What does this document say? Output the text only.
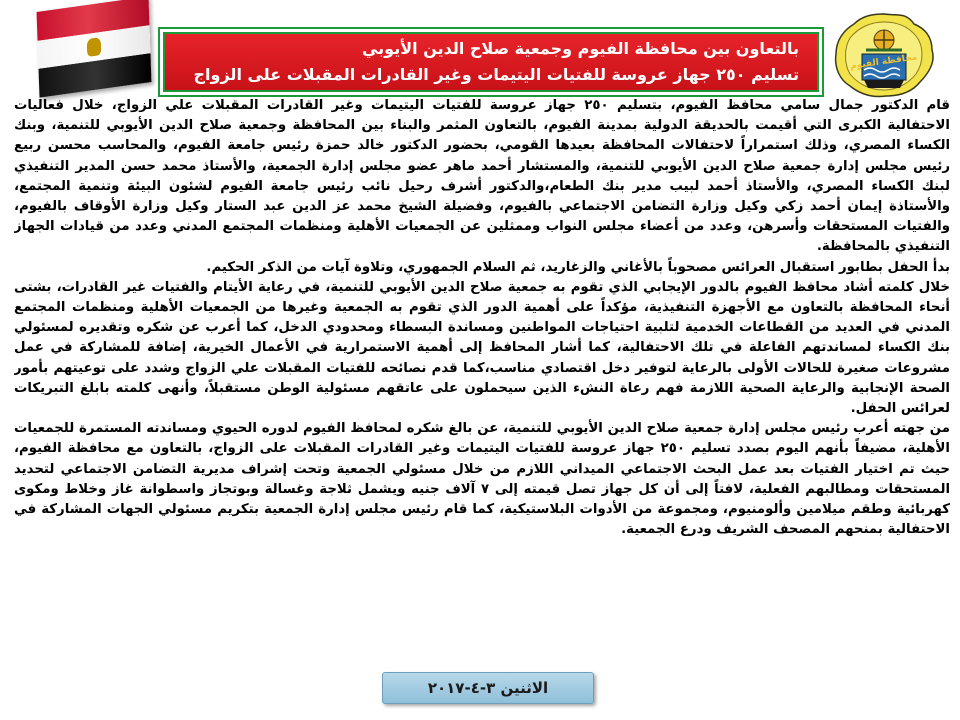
محافظة الفيوم
بالتعاون بين محافظة الفيوم وجمعية صلاح الدين الأيوبي
تسليم ٢٥٠ جهاز عروسة للفتيات اليتيمات وغير القادرات المقبلات على الزواج

قام الدكتور جمال سامي محافظ الفيوم، بتسليم ٢٥٠ جهاز عروسة للفتيات اليتيمات وغير القادرات المقبلات علي الزواج، خلال فعاليات الاحتفالية الكبرى التي أقيمت بالحديقة الدولية بمدينة الفيوم، بالتعاون المثمر والبناء بين المحافظة وجمعية صلاح الدين الأيوبي للتنمية، وبنك الكساء المصري، وذلك استمراراً لاحتفالات المحافظة بعيدها القومي، بحضور الدكتور خالد حمزة رئيس جامعة الفيوم، والمحاسب محسن ربيع رئيس مجلس إدارة جمعية صلاح الدين الأيوبي للتنمية، والمستشار أحمد ماهر عضو مجلس إدارة الجمعية، والأستاذ محمد حسن المدير التنفيذي لبنك الكساء المصري، والأستاذ أحمد لبيب مدير بنك الطعام،والدكتور أشرف رحيل نائب رئيس جامعة الفيوم لشئون البيئة وتنمية المجتمع، والأستاذة إيمان أحمد زكي وكيل وزارة التضامن الاجتماعي بالفيوم، وفضيلة الشيخ محمد عز الدين عبد الستار وكيل وزارة الأوقاف بالفيوم، والفتيات المستحقات وأسرهن، وعدد من أعضاء مجلس النواب وممثلين عن الجمعيات الأهلية ومنظمات المجتمع المدني وعدد من قيادات الجهاز التنفيذي بالمحافظة.

بدأ الحفل بطابور استقبال العرائس مصحوباً بالأغاني والزغاريد، ثم السلام الجمهوري، وتلاوة آيات من الذكر الحكيم.

خلال كلمته أشاد محافظ الفيوم بالدور الإيجابي الذي تقوم به جمعية صلاح الدين الأيوبي للتنمية، في رعاية الأيتام والفتيات غير القادرات، بشتى أنحاء المحافظة بالتعاون مع الأجهزة التنفيذية، مؤكداً على أهمية الدور الذي تقوم به الجمعية وغيرها من الجمعيات الأهلية ومنظمات المجتمع المدني في العديد من القطاعات الخدمية لتلبية احتياجات المواطنين ومساندة البسطاء ومحدودي الدخل، كما أعرب عن شكره وتقديره لمسئولي بنك الكساء لمساندتهم الفاعلة في تلك الاحتفالية، كما أشار المحافظ إلى أهمية الاستمرارية في الأعمال الخيرية، إضافة للمشاركة في عمل مشروعات صغيرة للحالات الأولى بالرعاية لتوفير دخل اقتصادي مناسب،كما قدم نصائحه للفتيات المقبلات علي الزواج وشدد على توعيتهم بأمور الصحة الإنجابية والرعاية الصحية اللازمة فهم رعاة النشء الذين سيحملون على عاتقهم مسئولية الوطن مستقبلاً، وأنهى كلمته بابلغ التبريكات لعرائس الحفل.

من جهته أعرب رئيس مجلس إدارة جمعية صلاح الدين الأيوبي للتنمية، عن بالغ شكره لمحافظ الفيوم لدوره الحيوي ومساندته المستمرة للجمعيات الأهلية، مضيفاً بأنهم اليوم بصدد تسليم ٢٥٠ جهاز عروسة للفتيات اليتيمات وغير القادرات المقبلات على الزواج، بالتعاون مع محافظة الفيوم، حيث تم اختيار الفتيات بعد عمل البحث الاجتماعي الميداني اللازم من خلال مسئولي الجمعية وتحت إشراف مديرية التضامن الاجتماعي لتحديد المستحقات ومطالبهم الفعلية، لافتاً إلى أن كل جهاز تصل قيمته إلى ٧ آلاف جنيه ويشمل ثلاجة وغسالة وبوتجاز واسطوانة غاز وخلاط ومكوى كهربائية وطقم ميلامين وألومنيوم، ومجموعة من الأدوات البلاستيكية، كما قام رئيس مجلس إدارة الجمعية بتكريم مسئولي الجهات المشاركة في الاحتفالية بمنحهم المصحف الشريف ودرع الجمعية.

الاثنين ٣-٤-٢٠١٧
